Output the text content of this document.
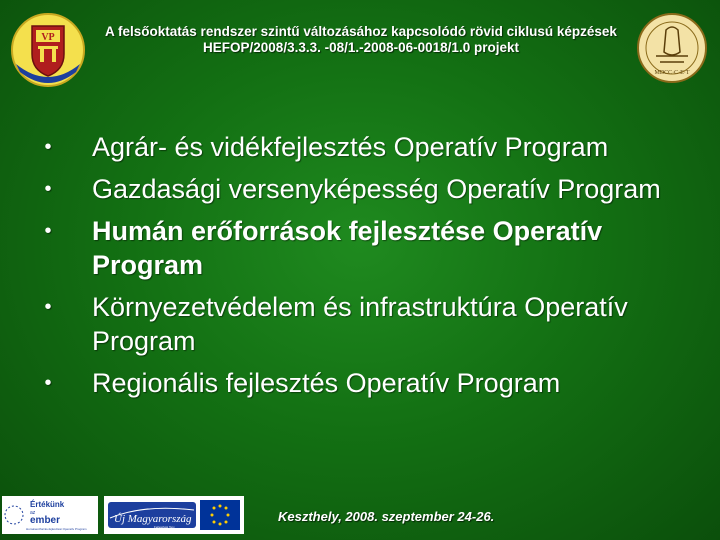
VP	A felsőoktatás rendszer szintű változásához kapcsolódó rövid ciklusú képzések
HEFOP/2008/3.3.3. -08/1.-2008-06-0018/1.0 projekt
MDCC·C·E·T
• Agrár- és vidékfejlesztés Operatív Program
• Gazdasági versenyképesség Operatív Program
• Humán erőforrások fejlesztése Operatív Program
• Környezetvédelem és infrastruktúra Operatív Program
• Regionális fejlesztés Operatív Program
Értékünk
az
ember
Humánerőforrás-fejlesztési Operatív Program
Új Magyarország
Fejlesztési Terv
Keszthely, 2008. szeptember 24-26.
